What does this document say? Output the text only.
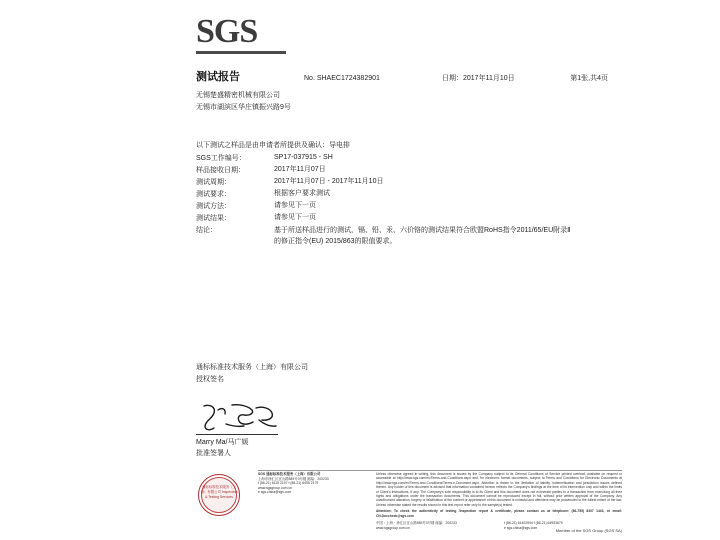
SGS
测试报告	No. SHAEC1724382901	日期：2017年11月10日	第1张,共4页
无锡楚盛精密机械有限公司
无锡市湖滨区华庄镇振兴路9号
以下测试之样品是由申请者所提供及确认：导电排
SGS工作编号：	SP17-037915 - SH
样品接收日期：	2017年11月07日
测试周期：	2017年11月07日 - 2017年11月10日
测试要求：	根据客户要求测试
测试方法：	请参见下一页
测试结果：	请参见下一页
结论：	基于所送样品进行的测试，镉、铅、汞、六价铬的测试结果符合欧盟RoHS指令2011/65/EU附录Ⅱ的修正指令(EU) 2015/863的限值要求。
通标标准技术服务（上海）有限公司
授权签名
Marry Ma/马广媛
批准签署人
通标标准技术服务（上海）有限公司 Inspection & Testing Services
SGS 通标标准技术服务（上海）有限公司
上海市徐汇区宜山路889号3号楼 邮编：200233
t (86-21) 6115 2197 f (86-21) 6495 2179
www.sgsgroup.com.cn
e sgs.china@sgs.com
Unless otherwise agreed in writing, this document is issued by the Company subject to its General Conditions of Service printed overleaf, available on request or accessible at http://www.sgs.com/en/Terms-and-Conditions.aspx and, for electronic format documents, subject to Terms and Conditions for Electronic Documents at http://www.sgs.com/en/Terms-and-Conditions/Terms-e-Document.aspx. Attention is drawn to the limitation of liability, indemnification and jurisdiction issues defined therein. Any holder of this document is advised that information contained hereon reflects the Company's findings at the time of its intervention only and within the limits of Client's instructions, if any. The Company's sole responsibility is to its Client and this document does not exonerate parties to a transaction from exercising all their rights and obligations under the transaction documents. This document cannot be reproduced except in full, without prior written approval of the Company. Any unauthorized alteration, forgery or falsification of the content or appearance of this document is unlawful and offenders may be prosecuted to the fullest extent of the law. Unless otherwise stated the results shown in this test report refer only to the sample(s) tested.
Attention: To check the authenticity of testing /inspection report & certificate, please contact us at telephone: (86-755) 8307 1443, or email: CN.Doccheck@sgs.com
中国・上海・徐汇区宜山路889号3号楼 邮编：200233	t (86-21) 61402594 f (86-21) 64953679
www.sgsgroup.com.cn	e sgs.china@sgs.com
Member of the SGS Group (SGS SA)
